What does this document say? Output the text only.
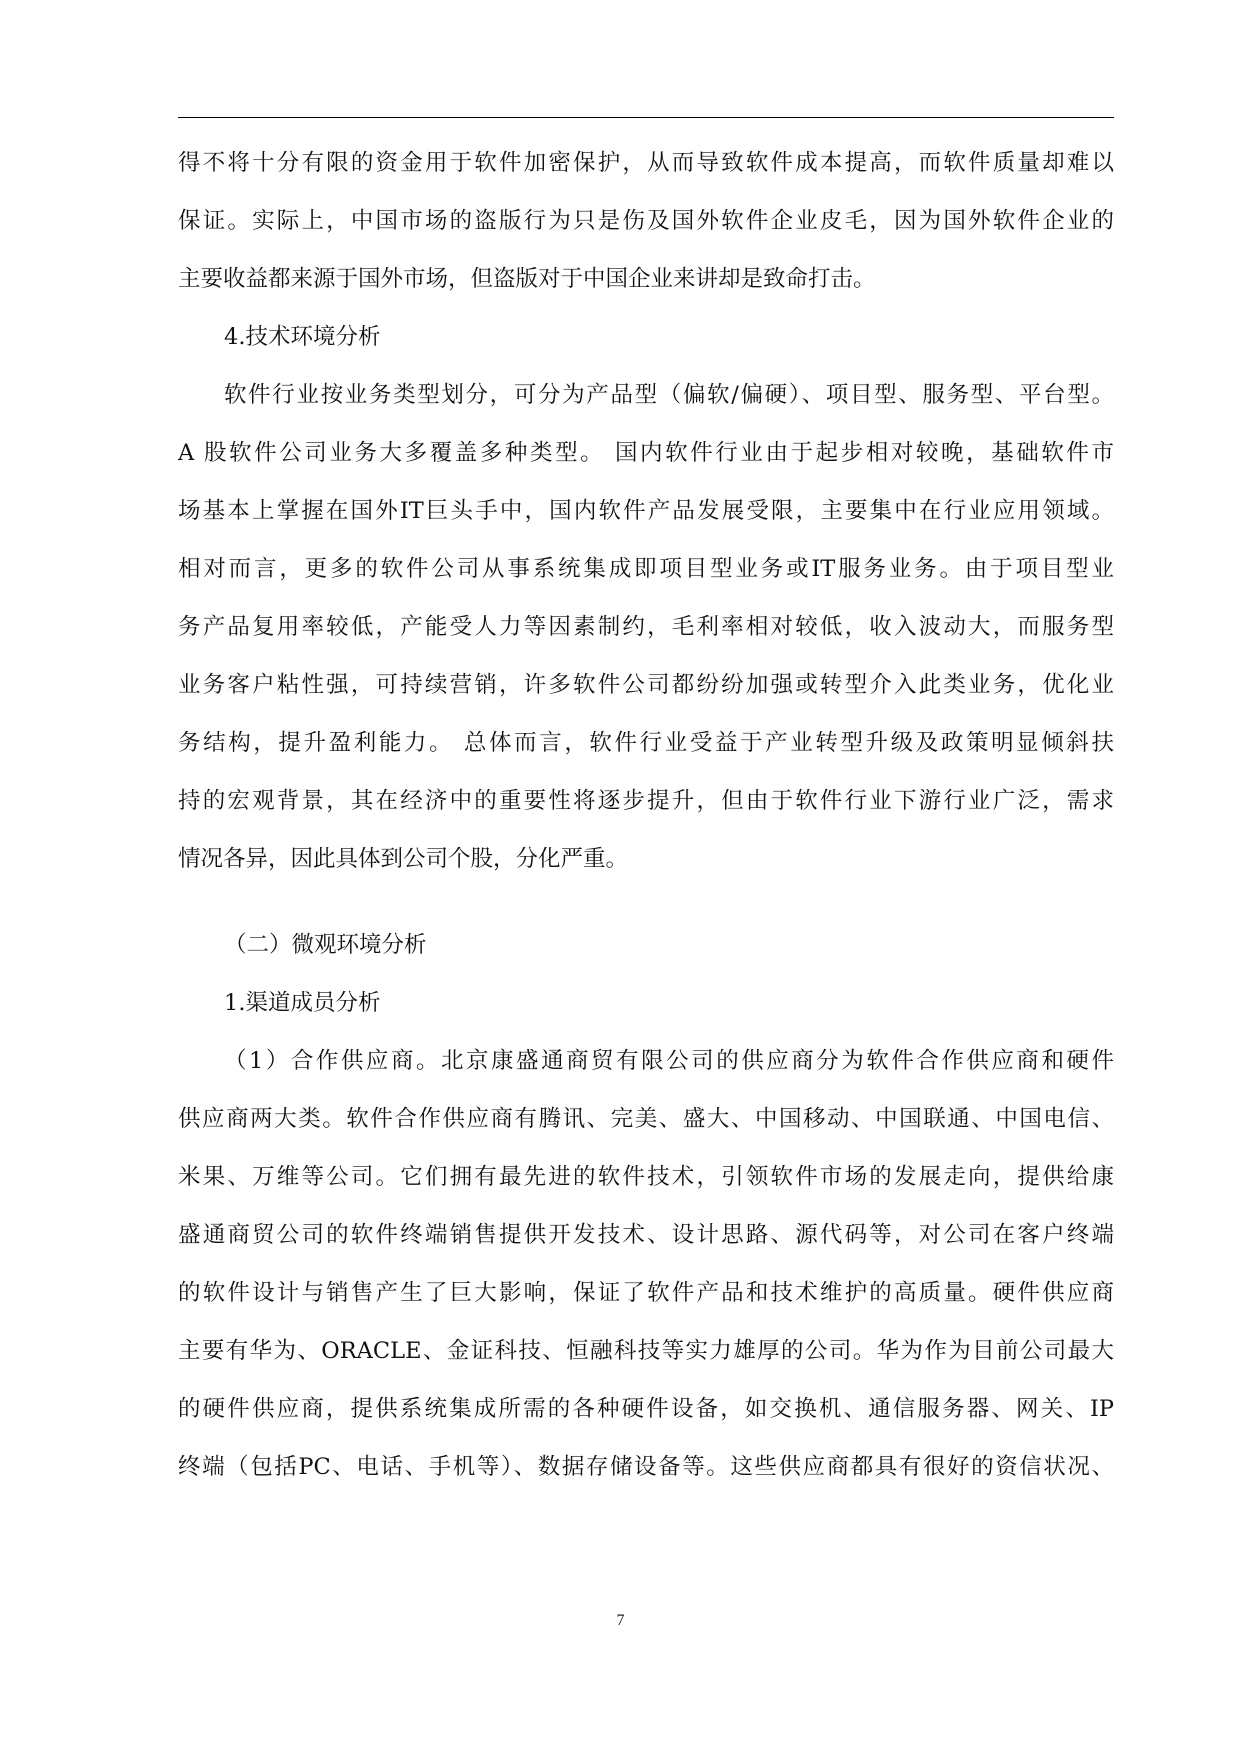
得不将十分有限的资金用于软件加密保护，从而导致软件成本提高，而软件质量却难以
保证。实际上，中国市场的盗版行为只是伤及国外软件企业皮毛，因为国外软件企业的
主要收益都来源于国外市场，但盗版对于中国企业来讲却是致命打击。
4.技术环境分析
软件行业按业务类型划分，可分为产品型（偏软/偏硬）、项目型、服务型、平台型。
A 股软件公司业务大多覆盖多种类型。 国内软件行业由于起步相对较晚，基础软件市
场基本上掌握在国外IT巨头手中，国内软件产品发展受限，主要集中在行业应用领域。
相对而言，更多的软件公司从事系统集成即项目型业务或IT服务业务。由于项目型业
务产品复用率较低，产能受人力等因素制约，毛利率相对较低，收入波动大，而服务型
业务客户粘性强，可持续营销，许多软件公司都纷纷加强或转型介入此类业务，优化业
务结构，提升盈利能力。 总体而言，软件行业受益于产业转型升级及政策明显倾斜扶
持的宏观背景，其在经济中的重要性将逐步提升，但由于软件行业下游行业广泛，需求
情况各异，因此具体到公司个股，分化严重。
（二）微观环境分析
1.渠道成员分析
（1）合作供应商。北京康盛通商贸有限公司的供应商分为软件合作供应商和硬件
供应商两大类。软件合作供应商有腾讯、完美、盛大、中国移动、中国联通、中国电信、
米果、万维等公司。它们拥有最先进的软件技术，引领软件市场的发展走向，提供给康
盛通商贸公司的软件终端销售提供开发技术、设计思路、源代码等，对公司在客户终端
的软件设计与销售产生了巨大影响，保证了软件产品和技术维护的高质量。硬件供应商
主要有华为、ORACLE、金证科技、恒融科技等实力雄厚的公司。华为作为目前公司最大
的硬件供应商，提供系统集成所需的各种硬件设备，如交换机、通信服务器、网关、IP
终端（包括PC、电话、手机等）、数据存储设备等。这些供应商都具有很好的资信状况、
7
